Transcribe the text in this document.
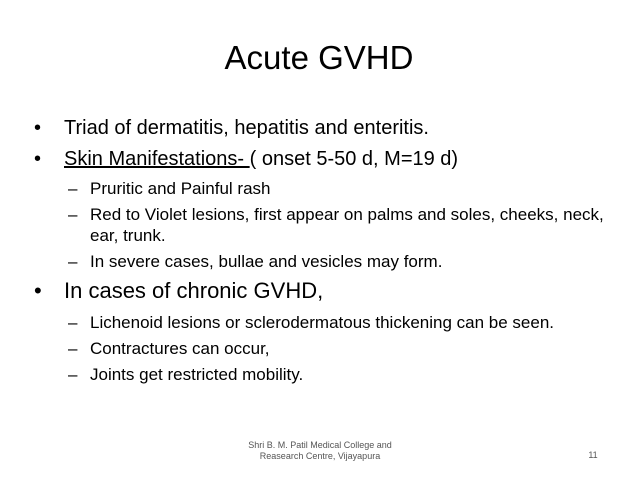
Acute GVHD
• Triad of dermatitis, hepatitis and enteritis.
• Skin Manifestations- ( onset 5-50 d, M=19 d)
– Pruritic and Painful rash
– Red to Violet lesions, first appear on palms and soles, cheeks, neck, ear, trunk.
– In severe cases, bullae and vesicles may form.
• In cases of chronic GVHD,
– Lichenoid lesions or sclerodermatous thickening can be seen.
– Contractures can occur,
– Joints get restricted mobility.
Shri B. M. Patil Medical College and
Reasearch Centre, Vijayapura	11
